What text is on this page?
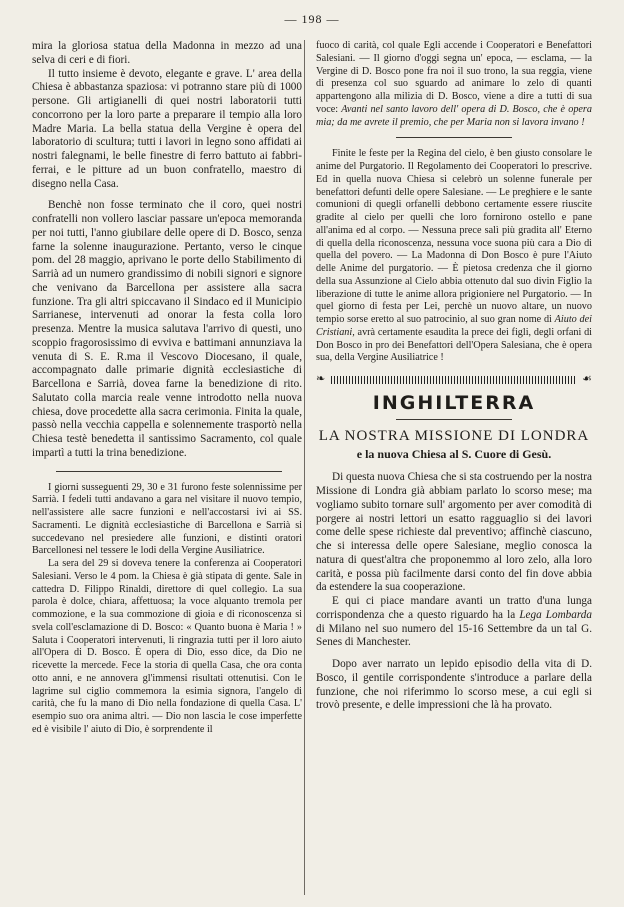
— 198 —

mira la gloriosa statua della Madonna in mezzo ad una selva di ceri e di fiori.

Il tutto insieme è devoto, elegante e grave. L' area della Chiesa è abbastanza spaziosa: vi potranno stare più di 1000 persone. Gli artigianelli di quei nostri laboratorii tutti concorrono per la loro parte a preparare il tempio alla loro Madre Maria. La bella statua della Vergine è opera del laboratorio di scultura; tutti i lavori in legno sono affidati ai nostri falegnami, le belle finestre di ferro battuto ai fabbri-ferrai, e le pitture ad un buon confratello, maestro di disegno nella Casa.

Benchè non fosse terminato che il coro, quei nostri confratelli non vollero lasciar passare un'epoca memoranda per noi tutti, l'anno giubilare delle opere di D. Bosco, senza farne la solenne inaugurazione. Pertanto, verso le cinque pom. del 28 maggio, aprivano le porte dello Stabilimento di Sarrià ad un numero grandissimo di nobili signori e signore che venivano da Barcellona per assistere alla sacra funzione. Tra gli altri spiccavano il Sindaco ed il Municipio Sarrianese, intervenuti ad onorar la festa colla loro presenza. Mentre la musica salutava l'arrivo di questi, uno scoppio fragorosissimo di evviva e battimani annunziava la venuta di S. E. R.ma il Vescovo Diocesano, il quale, accompagnato dalle primarie dignità ecclesiastiche di Barcellona e Sarrià, dovea farne la benedizione di rito. Salutato colla marcia reale venne introdotto nella nuova chiesa, dove procedette alla sacra cerimonia. Finita la quale, passò nella vecchia cappella e solennemente trasportò nella Chiesa testè benedetta il santissimo Sacramento, col quale impartì a tutti la trina benedizione.

I giorni susseguenti 29, 30 e 31 furono feste solennissime per Sarrià. I fedeli tutti andavano a gara nel visitare il nuovo tempio, nell'assistere alle sacre funzioni e nell'accostarsi ivi ai SS. Sacramenti. Le dignità ecclesiastiche di Barcellona e Sarrià si succedevano nel presiedere alle funzioni, e distinti oratori Barcellonesi nel tessere le lodi della Vergine Ausiliatrice.

La sera del 29 si doveva tenere la conferenza ai Cooperatori Salesiani. Verso le 4 pom. la Chiesa è già stipata di gente. Sale in cattedra D. Filippo Rinaldi, direttore di quel collegio. La sua parola è dolce, chiara, affettuosa; la voce alquanto tremola per commozione, e la sua commozione di gioia e di riconoscenza si svela coll'esclamazione di D. Bosco: « Quanto buona è Maria ! » Saluta i Cooperatori intervenuti, li ringrazia tutti per il loro aiuto all'Opera di D. Bosco. È opera di Dio, esso dice, da Dio ne ricevette la mercede. Fece la storia di quella Casa, che ora conta otto anni, e ne annovera gl'immensi risultati ottenutisi. Con le lagrime sul ciglio commemora la esimia signora, l'angelo di carità, che fu la mano di Dio nella fondazione di quella Casa. L' esempio suo ora anima altri. — Dio non lascia le cose imperfette ed è visibile l' aiuto di Dio, è sorprendente il

fuoco di carità, col quale Egli accende i Cooperatori e Benefattori Salesiani. — Il giorno d'oggi segna un' epoca, — esclama, — la Vergine di D. Bosco pone fra noi il suo trono, la sua reggia, viene di presenza col suo sguardo ad animare lo zelo di quanti appartengono alla milizia di D. Bosco, viene a dire a tutti di sua voce: Avanti nel santo lavoro dell' opera di D. Bosco, che è opera mia; da me avrete il premio, che per Maria non si lavora invano !

Finite le feste per la Regina del cielo, è ben giusto consolare le anime del Purgatorio. Il Regolamento dei Cooperatori lo prescrive. Ed in quella nuova Chiesa si celebrò un solenne funerale per benefattori defunti delle opere Salesiane. — Le preghiere e le sante comunioni di quegli orfanelli debbono certamente essere riuscite gradite al cielo per quelli che loro fornirono ostello e pane all'anima ed al corpo. — Nessuna prece salì più gradita all' Eterno di quella della riconoscenza, nessuna voce suona più cara a Dio di quella del povero. — La Madonna di Don Bosco è pure l'Aiuto delle Anime del purgatorio. — È pietosa credenza che il giorno della sua Assunzione al Cielo abbia ottenuto dal suo divin Figlio la liberazione di tutte le anime allora prigioniere nel Purgatorio. — In quel giorno di festa per Lei, perchè un nuovo altare, un nuovo tempio sorse eretto al suo patrocinio, al suo gran nome di Aiuto dei Cristiani, avrà certamente esaudita la prece dei figli, degli orfani di Don Bosco in pro dei Benefattori dell'Opera Salesiana, che è opera sua, della Vergine Ausiliatrice !

❧	☙
INGHILTERRA
LA NOSTRA MISSIONE DI LONDRA
e la nuova Chiesa al S. Cuore di Gesù.

Di questa nuova Chiesa che si sta costruendo per la nostra Missione di Londra già abbiam parlato lo scorso mese; ma vogliamo subito tornare sull' argomento per aver comodità di porgere ai nostri lettori un esatto ragguaglio si dei lavori come delle spese richieste dal preventivo; affinchè ciascuno, che si interessa delle opere Salesiane, meglio conosca la natura di quest'altra che proponemmo al loro zelo, alla loro carità, e possa più facilmente darsi conto del fin dove abbia da estendere la sua cooperazione.

E qui ci piace mandare avanti un tratto d'una lunga corrispondenza che a questo riguardo ha la Lega Lombarda di Milano nel suo numero del 15-16 Settembre da un tal G. Senes di Manchester.

Dopo aver narrato un lepido episodio della vita di D. Bosco, il gentile corrispondente s'introduce a parlare della funzione, che noi riferimmo lo scorso mese, a cui egli si trovò presente, e delle impressioni che là ha provato.
